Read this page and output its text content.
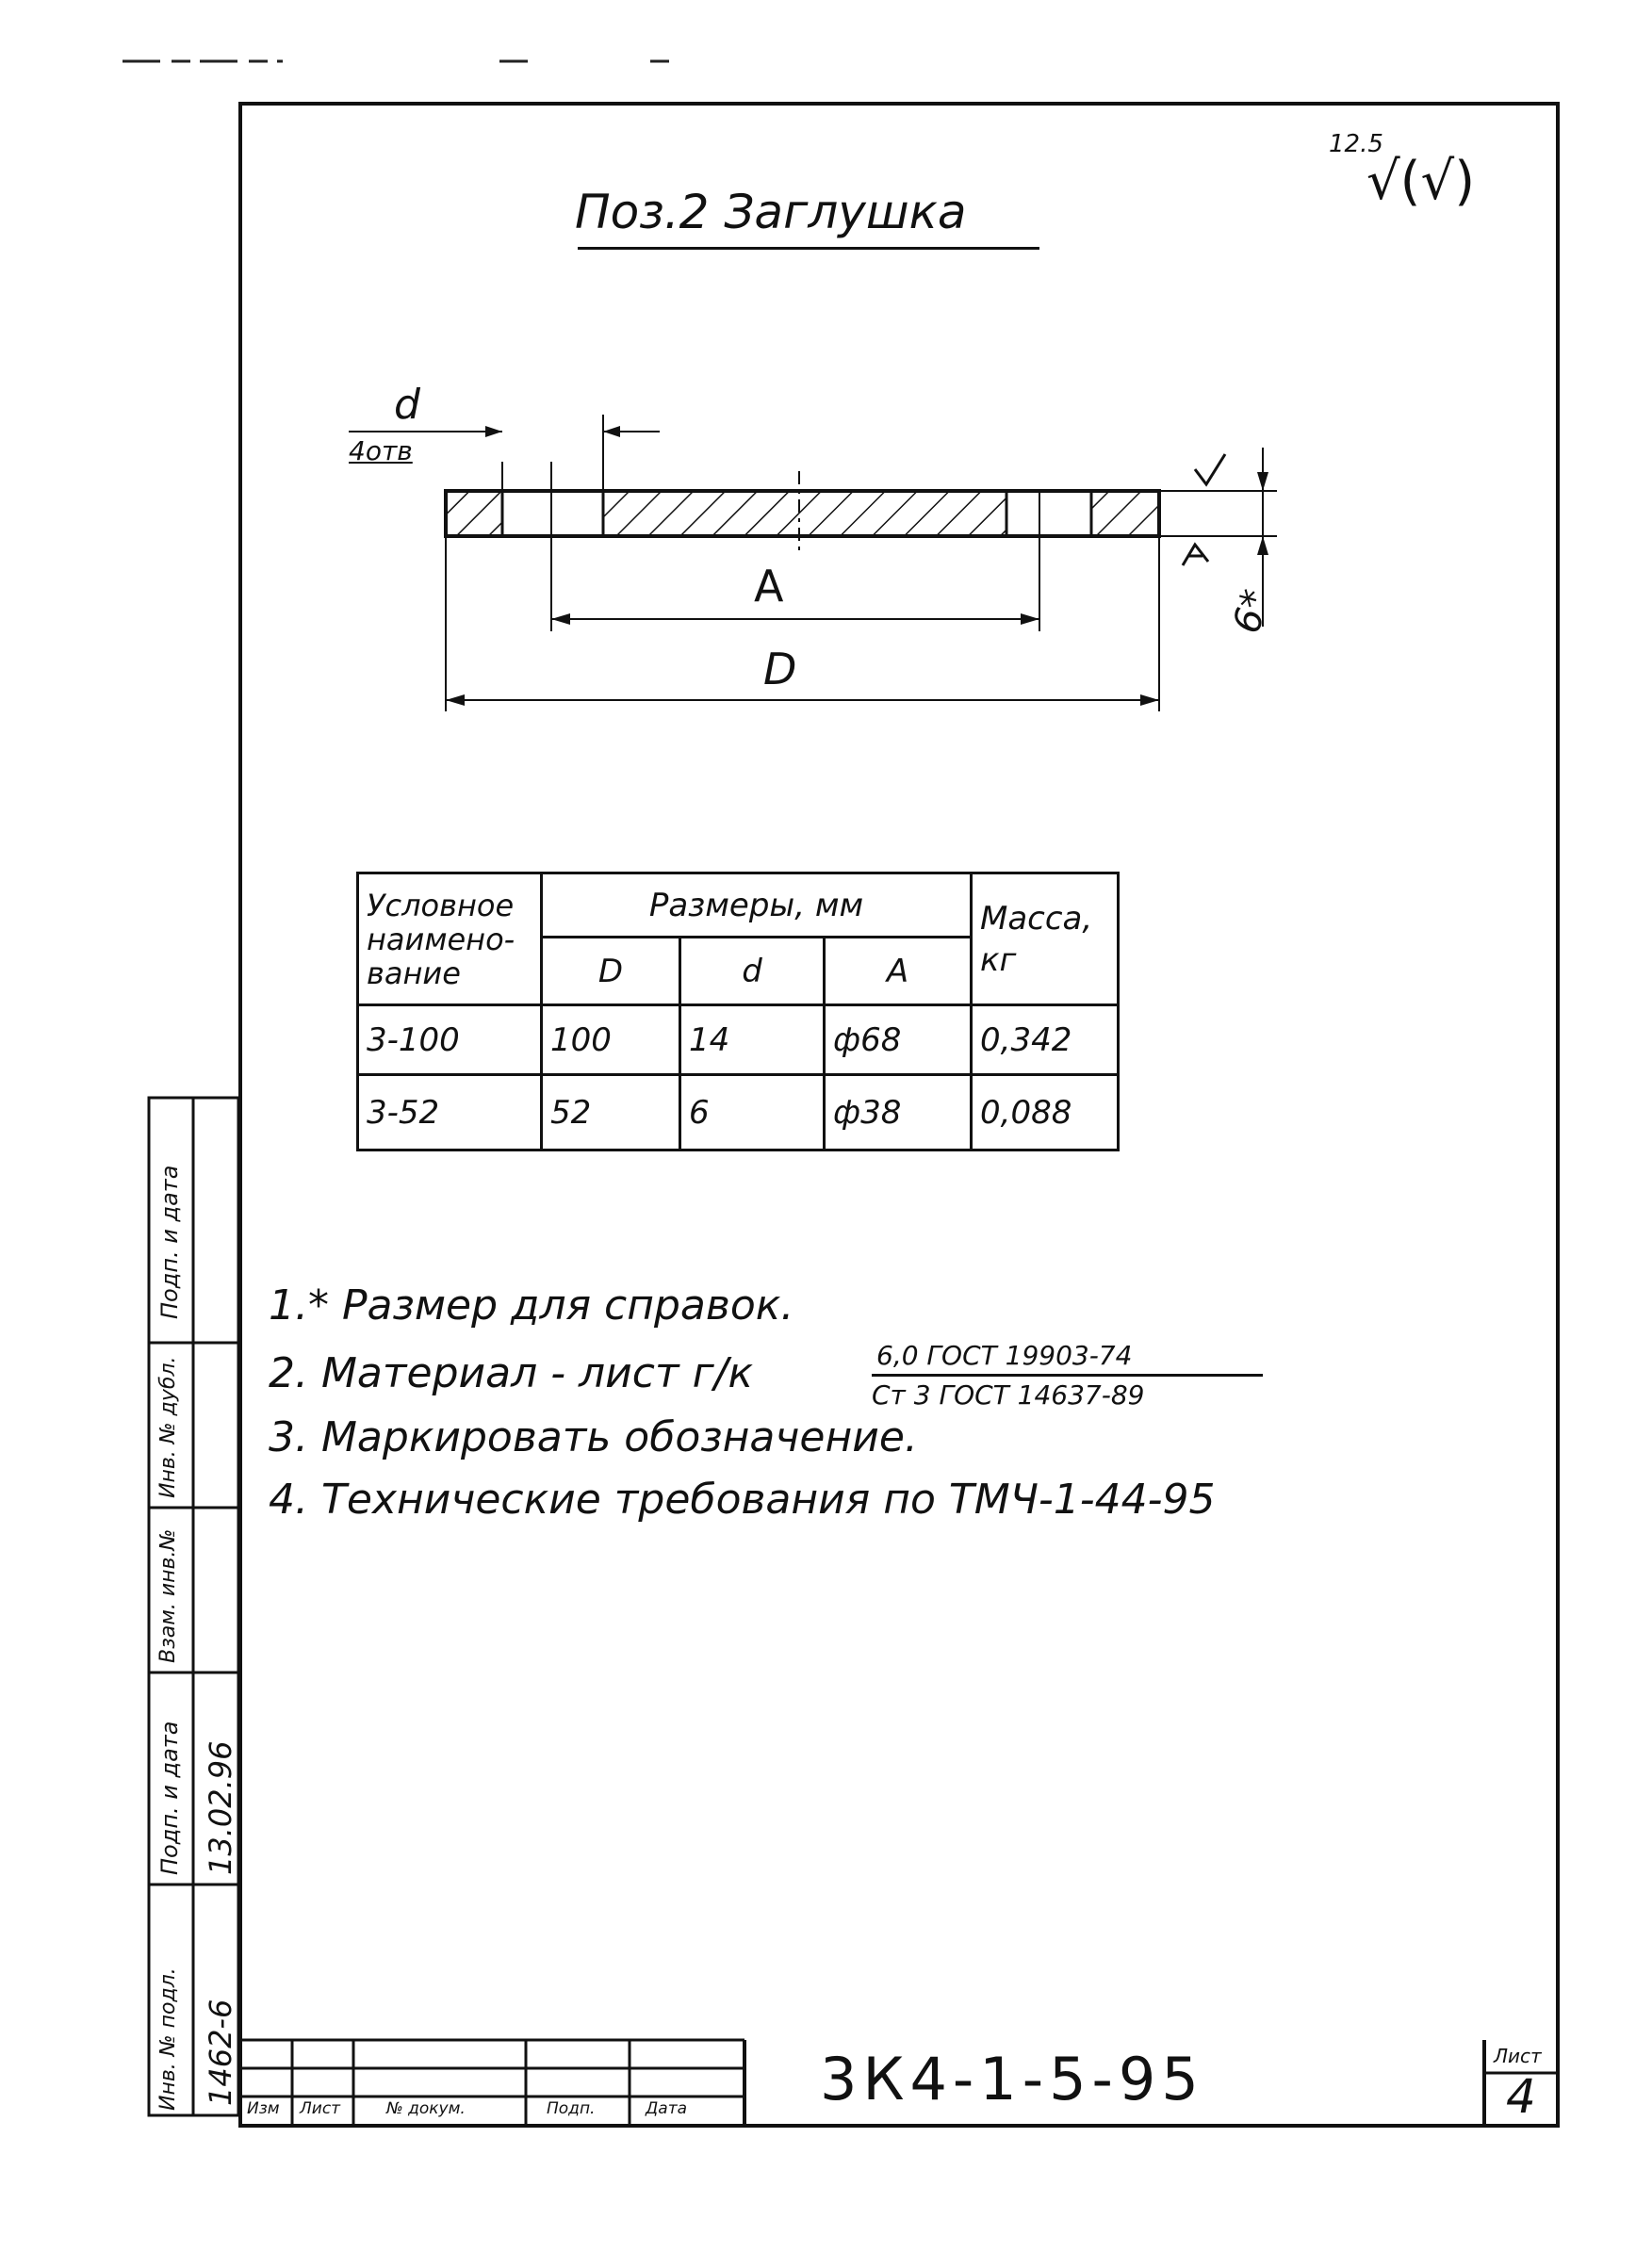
Поз.2 Заглушка
12.5
√(√)
d
4отв
A
D
6*
Условное наимено-вание	Размеры, мм			Масса, кг
	D	d	A	
3-100	100	14	ф68	0,342
3-52	52	6	ф38	0,088
1.* Размер для справок.
2. Материал - лист г/к	6,0 ГОСТ 19903-74
Ст 3 ГОСТ 14637-89
3. Маркировать обозначение.
4. Технические требования по ТМЧ-1-44-95
Подп. и дата
Инв. № дубл.
Взам. инв.№
Подп. и дата
Инв. № подл.
13.02.96
1462-6
Изм Лист	№ докум.	Подп.	Дата 3К4-1-5-95	Лист
4
